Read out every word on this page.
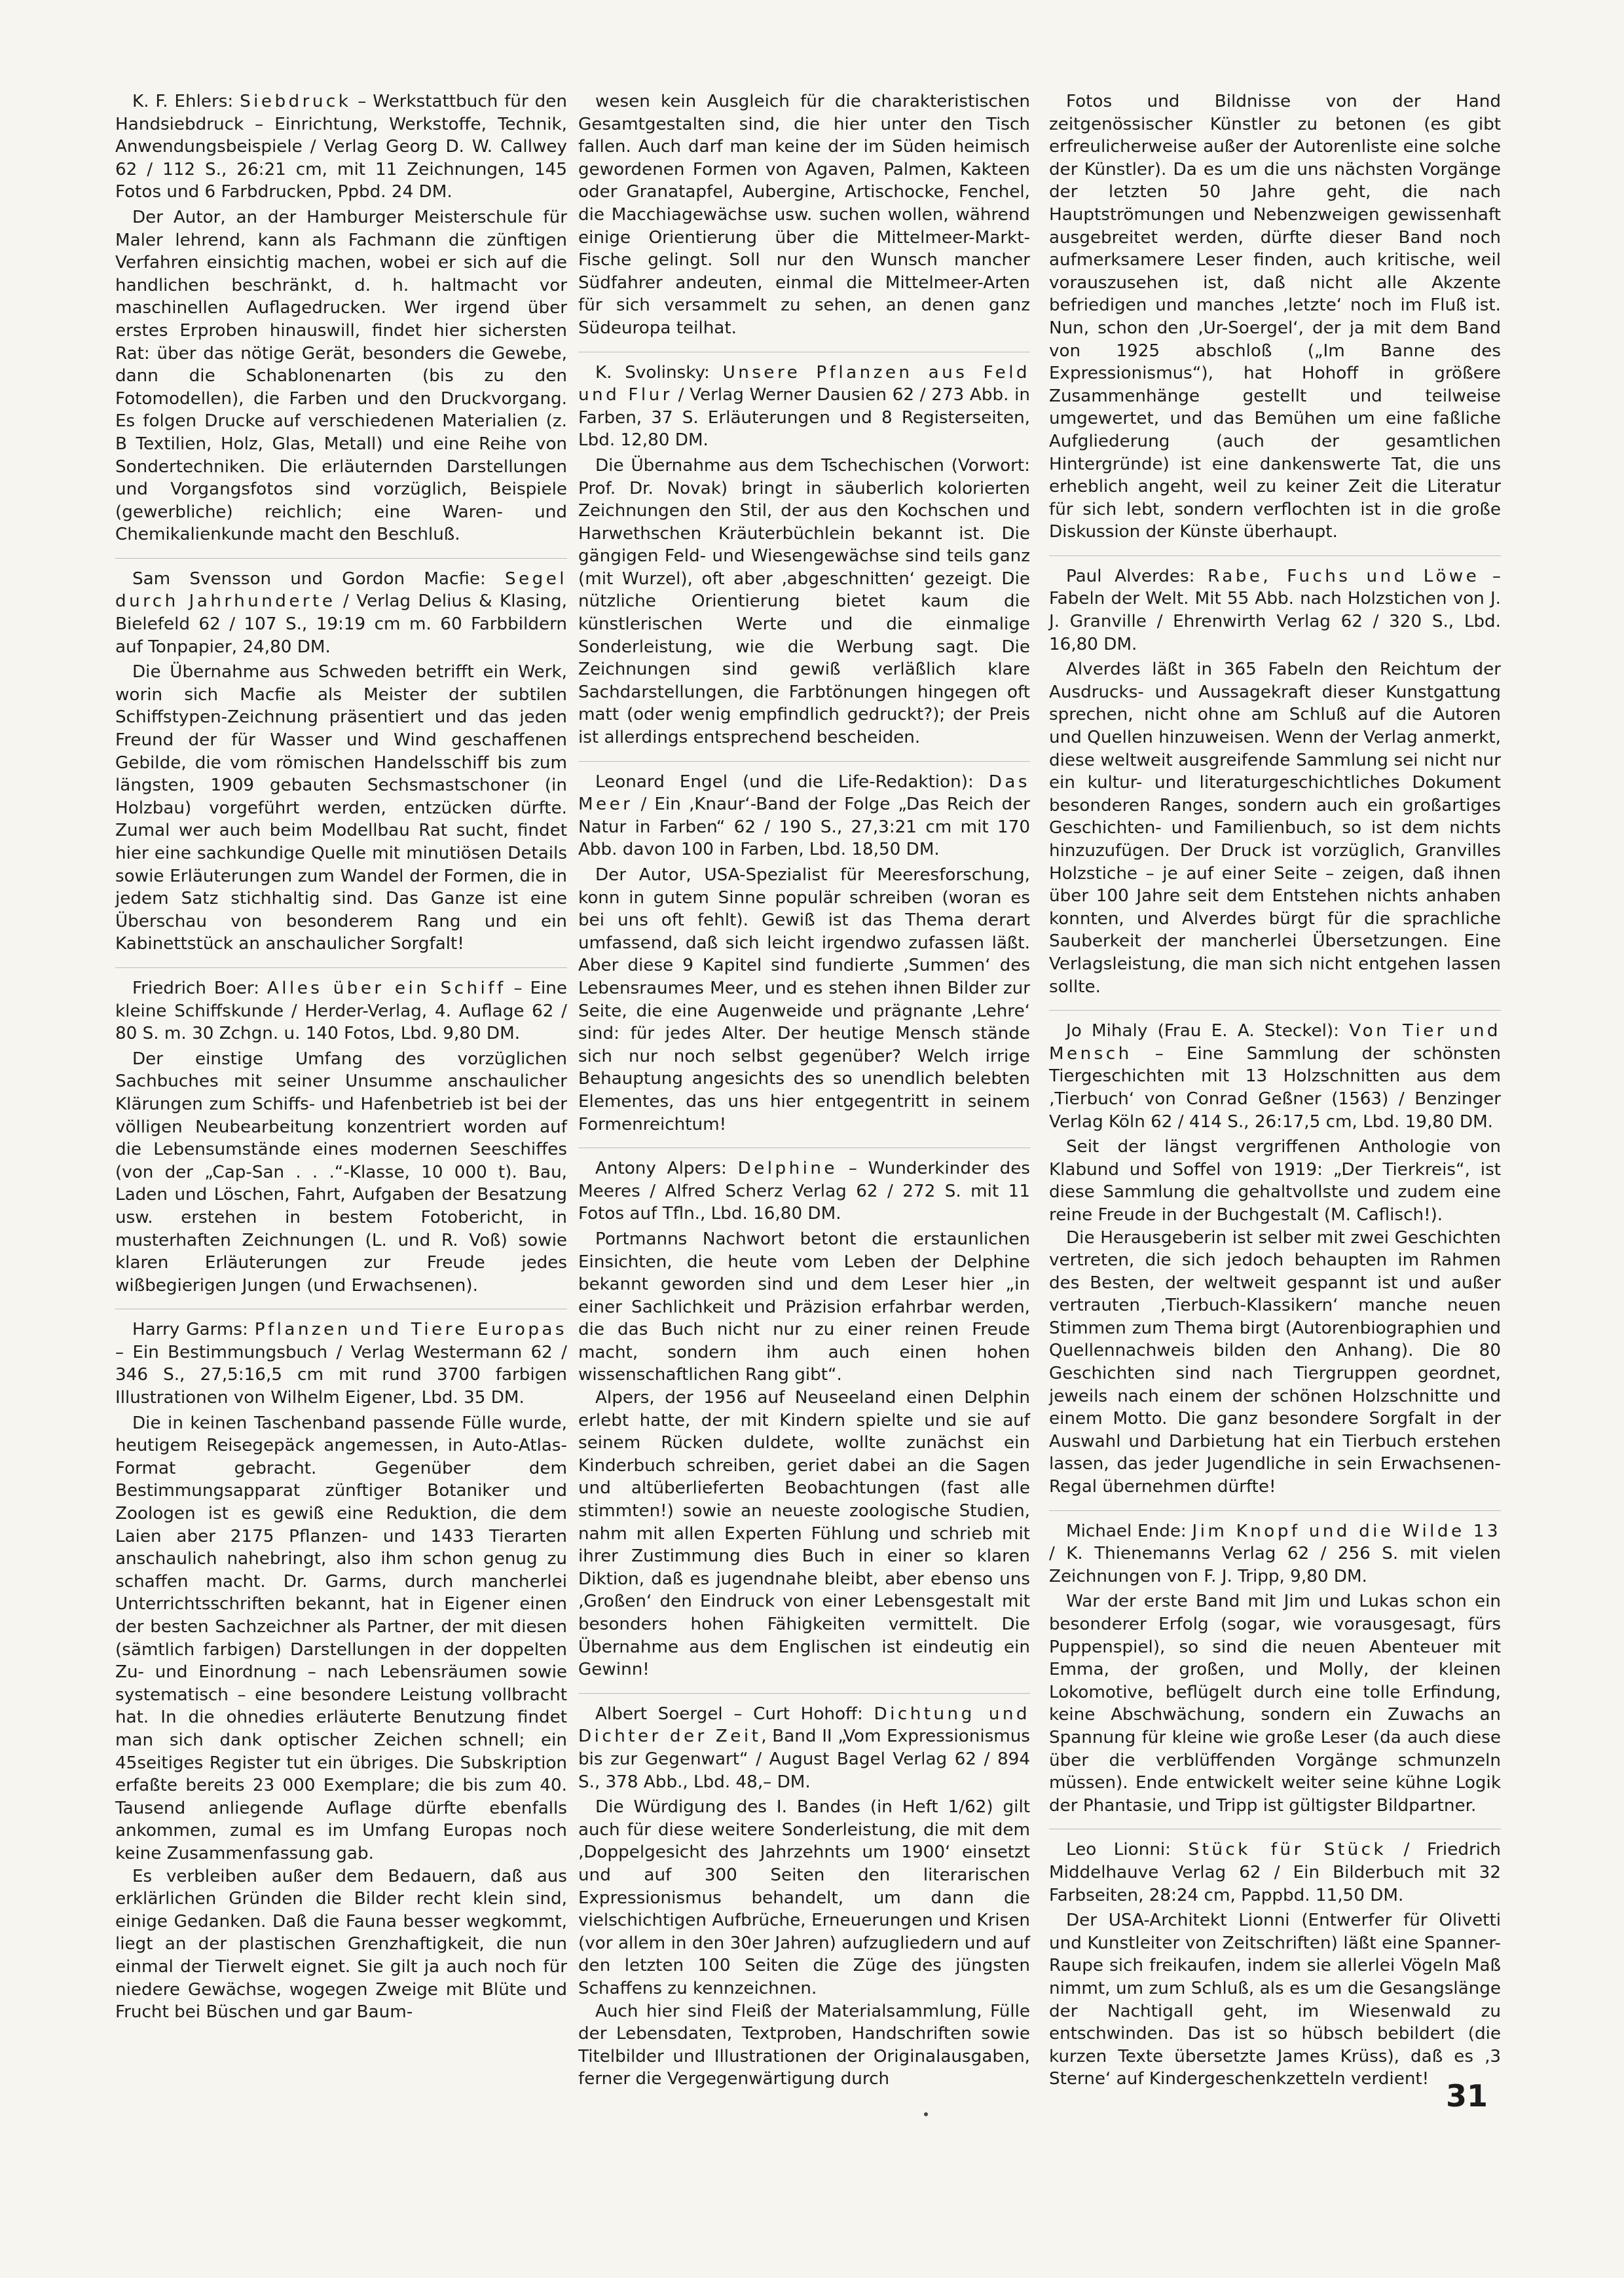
K. F. Ehlers: Siebdruck – Werkstattbuch für den Handsiebdruck – Einrichtung, Werkstoffe, Technik, Anwendungsbeispiele / Verlag Georg D. W. Callwey 62 / 112 S., 26:21 cm, mit 11 Zeichnungen, 145 Fotos und 6 Farbdrucken, Ppbd. 24 DM.

Der Autor, an der Hamburger Meisterschule für Maler lehrend, kann als Fachmann die zünftigen Verfahren einsichtig machen, wobei er sich auf die handlichen beschränkt, d. h. haltmacht vor maschinellen Auflagedrucken. Wer irgend über erstes Erproben hinauswill, findet hier sichersten Rat: über das nötige Gerät, besonders die Gewebe, dann die Schablonenarten (bis zu den Fotomodellen), die Farben und den Druckvorgang. Es folgen Drucke auf verschiedenen Materialien (z. B Textilien, Holz, Glas, Metall) und eine Reihe von Sondertechniken. Die erläuternden Darstellungen und Vorgangsfotos sind vorzüglich, Beispiele (gewerbliche) reichlich; eine Waren- und Chemikalienkunde macht den Beschluß.

Sam Svensson und Gordon Macfie: Segel durch Jahrhunderte / Verlag Delius & Klasing, Bielefeld 62 / 107 S., 19:19 cm m. 60 Farbbildern auf Tonpapier, 24,80 DM.

Die Übernahme aus Schweden betrifft ein Werk, worin sich Macfie als Meister der subtilen Schiffstypen-Zeichnung präsentiert und das jeden Freund der für Wasser und Wind geschaffenen Gebilde, die vom römischen Handelsschiff bis zum längsten, 1909 gebauten Sechsmastschoner (in Holzbau) vorgeführt werden, entzücken dürfte. Zumal wer auch beim Modellbau Rat sucht, findet hier eine sachkundige Quelle mit minutiösen Details sowie Erläuterungen zum Wandel der Formen, die in jedem Satz stichhaltig sind. Das Ganze ist eine Überschau von besonderem Rang und ein Kabinettstück an anschaulicher Sorgfalt!

Friedrich Boer: Alles über ein Schiff – Eine kleine Schiffskunde / Herder-Verlag, 4. Auflage 62 / 80 S. m. 30 Zchgn. u. 140 Fotos, Lbd. 9,80 DM.

Der einstige Umfang des vorzüglichen Sachbuches mit seiner Unsumme anschaulicher Klärungen zum Schiffs- und Hafenbetrieb ist bei der völligen Neubearbeitung konzentriert worden auf die Lebensumstände eines modernen Seeschiffes (von der „Cap-San . . .“-Klasse, 10 000 t). Bau, Laden und Löschen, Fahrt, Aufgaben der Besatzung usw. erstehen in bestem Fotobericht, in musterhaften Zeichnungen (L. und R. Voß) sowie klaren Erläuterungen zur Freude jedes wißbegierigen Jungen (und Erwachsenen).

Harry Garms: Pflanzen und Tiere Europas – Ein Bestimmungsbuch / Verlag Westermann 62 / 346 S., 27,5:16,5 cm mit rund 3700 farbigen Illustrationen von Wilhelm Eigener, Lbd. 35 DM.

Die in keinen Taschenband passende Fülle wurde, heutigem Reisegepäck angemessen, in Auto-Atlas-Format gebracht. Gegenüber dem Bestimmungsapparat zünftiger Botaniker und Zoologen ist es gewiß eine Reduktion, die dem Laien aber 2175 Pflanzen- und 1433 Tierarten anschaulich nahebringt, also ihm schon genug zu schaffen macht. Dr. Garms, durch mancherlei Unterrichtsschriften bekannt, hat in Eigener einen der besten Sachzeichner als Partner, der mit diesen (sämtlich farbigen) Darstellungen in der doppelten Zu- und Einordnung – nach Lebensräumen sowie systematisch – eine besondere Leistung vollbracht hat. In die ohnedies erläuterte Benutzung findet man sich dank optischer Zeichen schnell; ein 45seitiges Register tut ein übriges. Die Subskription erfaßte bereits 23 000 Exemplare; die bis zum 40. Tausend anliegende Auflage dürfte ebenfalls ankommen, zumal es im Umfang Europas noch keine Zusammenfassung gab.

Es verbleiben außer dem Bedauern, daß aus erklärlichen Gründen die Bilder recht klein sind, einige Gedanken. Daß die Fauna besser wegkommt, liegt an der plastischen Grenzhaftigkeit, die nun einmal der Tierwelt eignet. Sie gilt ja auch noch für niedere Gewächse, wogegen Zweige mit Blüte und Frucht bei Büschen und gar Baum-

wesen kein Ausgleich für die charakteristischen Gesamtgestalten sind, die hier unter den Tisch fallen. Auch darf man keine der im Süden heimisch gewordenen Formen von Agaven, Palmen, Kakteen oder Granatapfel, Aubergine, Artischocke, Fenchel, die Macchiagewächse usw. suchen wollen, während einige Orientierung über die Mittelmeer-Markt-Fische gelingt. Soll nur den Wunsch mancher Südfahrer andeuten, einmal die Mittelmeer-Arten für sich versammelt zu sehen, an denen ganz Südeuropa teilhat.

K. Svolinsky: Unsere Pflanzen aus Feld und Flur / Verlag Werner Dausien 62 / 273 Abb. in Farben, 37 S. Erläuterungen und 8 Registerseiten, Lbd. 12,80 DM.

Die Übernahme aus dem Tschechischen (Vorwort: Prof. Dr. Novak) bringt in säuberlich kolorierten Zeichnungen den Stil, der aus den Kochschen und Harwethschen Kräuterbüchlein bekannt ist. Die gängigen Feld- und Wiesengewächse sind teils ganz (mit Wurzel), oft aber ‚abgeschnitten‘ gezeigt. Die nützliche Orientierung bietet kaum die künstlerischen Werte und die einmalige Sonderleistung, wie die Werbung sagt. Die Zeichnungen sind gewiß verläßlich klare Sachdarstellungen, die Farbtönungen hingegen oft matt (oder wenig empfindlich gedruckt?); der Preis ist allerdings entsprechend bescheiden.

Leonard Engel (und die Life-Redaktion): Das Meer / Ein ‚Knaur‘-Band der Folge „Das Reich der Natur in Farben“ 62 / 190 S., 27,3:21 cm mit 170 Abb. davon 100 in Farben, Lbd. 18,50 DM.

Der Autor, USA-Spezialist für Meeresforschung, konn in gutem Sinne populär schreiben (woran es bei uns oft fehlt). Gewiß ist das Thema derart umfassend, daß sich leicht irgendwo zufassen läßt. Aber diese 9 Kapitel sind fundierte ‚Summen‘ des Lebensraumes Meer, und es stehen ihnen Bilder zur Seite, die eine Augenweide und prägnante ‚Lehre‘ sind: für jedes Alter. Der heutige Mensch stände sich nur noch selbst gegenüber? Welch irrige Behauptung angesichts des so unendlich belebten Elementes, das uns hier entgegentritt in seinem Formenreichtum!

Antony Alpers: Delphine – Wunderkinder des Meeres / Alfred Scherz Verlag 62 / 272 S. mit 11 Fotos auf Tfln., Lbd. 16,80 DM.

Portmanns Nachwort betont die erstaunlichen Einsichten, die heute vom Leben der Delphine bekannt geworden sind und dem Leser hier „in einer Sachlichkeit und Präzision erfahrbar werden, die das Buch nicht nur zu einer reinen Freude macht, sondern ihm auch einen hohen wissenschaftlichen Rang gibt“.

Alpers, der 1956 auf Neuseeland einen Delphin erlebt hatte, der mit Kindern spielte und sie auf seinem Rücken duldete, wollte zunächst ein Kinderbuch schreiben, geriet dabei an die Sagen und altüberlieferten Beobachtungen (fast alle stimmten!) sowie an neueste zoologische Studien, nahm mit allen Experten Fühlung und schrieb mit ihrer Zustimmung dies Buch in einer so klaren Diktion, daß es jugendnahe bleibt, aber ebenso uns ‚Großen‘ den Eindruck von einer Lebensgestalt mit besonders hohen Fähigkeiten vermittelt. Die Übernahme aus dem Englischen ist eindeutig ein Gewinn!

Albert Soergel – Curt Hohoff: Dichtung und Dichter der Zeit, Band II „Vom Expressionismus bis zur Gegenwart“ / August Bagel Verlag 62 / 894 S., 378 Abb., Lbd. 48,– DM.

Die Würdigung des I. Bandes (in Heft 1/62) gilt auch für diese weitere Sonderleistung, die mit dem ‚Doppelgesicht des Jahrzehnts um 1900‘ einsetzt und auf 300 Seiten den literarischen Expressionismus behandelt, um dann die vielschichtigen Aufbrüche, Erneuerungen und Krisen (vor allem in den 30er Jahren) aufzugliedern und auf den letzten 100 Seiten die Züge des jüngsten Schaffens zu kennzeichnen.

Auch hier sind Fleiß der Materialsammlung, Fülle der Lebensdaten, Textproben, Handschriften sowie Titelbilder und Illustrationen der Originalausgaben, ferner die Vergegenwärtigung durch

Fotos und Bildnisse von der Hand zeitgenössischer Künstler zu betonen (es gibt erfreulicherweise außer der Autorenliste eine solche der Künstler). Da es um die uns nächsten Vorgänge der letzten 50 Jahre geht, die nach Hauptströmungen und Nebenzweigen gewissenhaft ausgebreitet werden, dürfte dieser Band noch aufmerksamere Leser finden, auch kritische, weil vorauszusehen ist, daß nicht alle Akzente befriedigen und manches ‚letzte‘ noch im Fluß ist. Nun, schon den ‚Ur-Soergel‘, der ja mit dem Band von 1925 abschloß („Im Banne des Expressionismus“), hat Hohoff in größere Zusammenhänge gestellt und teilweise umgewertet, und das Bemühen um eine faßliche Aufgliederung (auch der gesamtlichen Hintergründe) ist eine dankenswerte Tat, die uns erheblich angeht, weil zu keiner Zeit die Literatur für sich lebt, sondern verflochten ist in die große Diskussion der Künste überhaupt.

Paul Alverdes: Rabe, Fuchs und Löwe – Fabeln der Welt. Mit 55 Abb. nach Holzstichen von J. J. Granville / Ehrenwirth Verlag 62 / 320 S., Lbd. 16,80 DM.

Alverdes läßt in 365 Fabeln den Reichtum der Ausdrucks- und Aussagekraft dieser Kunstgattung sprechen, nicht ohne am Schluß auf die Autoren und Quellen hinzuweisen. Wenn der Verlag anmerkt, diese weltweit ausgreifende Sammlung sei nicht nur ein kultur- und literaturgeschichtliches Dokument besonderen Ranges, sondern auch ein großartiges Geschichten- und Familienbuch, so ist dem nichts hinzuzufügen. Der Druck ist vorzüglich, Granvilles Holzstiche – je auf einer Seite – zeigen, daß ihnen über 100 Jahre seit dem Entstehen nichts anhaben konnten, und Alverdes bürgt für die sprachliche Sauberkeit der mancherlei Übersetzungen. Eine Verlagsleistung, die man sich nicht entgehen lassen sollte.

Jo Mihaly (Frau E. A. Steckel): Von Tier und Mensch – Eine Sammlung der schönsten Tiergeschichten mit 13 Holzschnitten aus dem ‚Tierbuch‘ von Conrad Geßner (1563) / Benzinger Verlag Köln 62 / 414 S., 26:17,5 cm, Lbd. 19,80 DM.

Seit der längst vergriffenen Anthologie von Klabund und Soffel von 1919: „Der Tierkreis“, ist diese Sammlung die gehaltvollste und zudem eine reine Freude in der Buchgestalt (M. Caflisch!).

Die Herausgeberin ist selber mit zwei Geschichten vertreten, die sich jedoch behaupten im Rahmen des Besten, der weltweit gespannt ist und außer vertrauten ‚Tierbuch-Klassikern‘ manche neuen Stimmen zum Thema birgt (Autorenbiographien und Quellennachweis bilden den Anhang). Die 80 Geschichten sind nach Tiergruppen geordnet, jeweils nach einem der schönen Holzschnitte und einem Motto. Die ganz besondere Sorgfalt in der Auswahl und Darbietung hat ein Tierbuch erstehen lassen, das jeder Jugendliche in sein Erwachsenen-Regal übernehmen dürfte!

Michael Ende: Jim Knopf und die Wilde 13 / K. Thienemanns Verlag 62 / 256 S. mit vielen Zeichnungen von F. J. Tripp, 9,80 DM.

War der erste Band mit Jim und Lukas schon ein besonderer Erfolg (sogar, wie vorausgesagt, fürs Puppenspiel), so sind die neuen Abenteuer mit Emma, der großen, und Molly, der kleinen Lokomotive, beflügelt durch eine tolle Erfindung, keine Abschwächung, sondern ein Zuwachs an Spannung für kleine wie große Leser (da auch diese über die verblüffenden Vorgänge schmunzeln müssen). Ende entwickelt weiter seine kühne Logik der Phantasie, und Tripp ist gültigster Bildpartner.

Leo Lionni: Stück für Stück / Friedrich Middelhauve Verlag 62 / Ein Bilderbuch mit 32 Farbseiten, 28:24 cm, Pappbd. 11,50 DM.

Der USA-Architekt Lionni (Entwerfer für Olivetti und Kunstleiter von Zeitschriften) läßt eine Spanner-Raupe sich freikaufen, indem sie allerlei Vögeln Maß nimmt, um zum Schluß, als es um die Gesangslänge der Nachtigall geht, im Wiesenwald zu entschwinden. Das ist so hübsch bebildert (die kurzen Texte übersetzte James Krüss), daß es ‚3 Sterne‘ auf Kindergeschenkzetteln verdient! 31
